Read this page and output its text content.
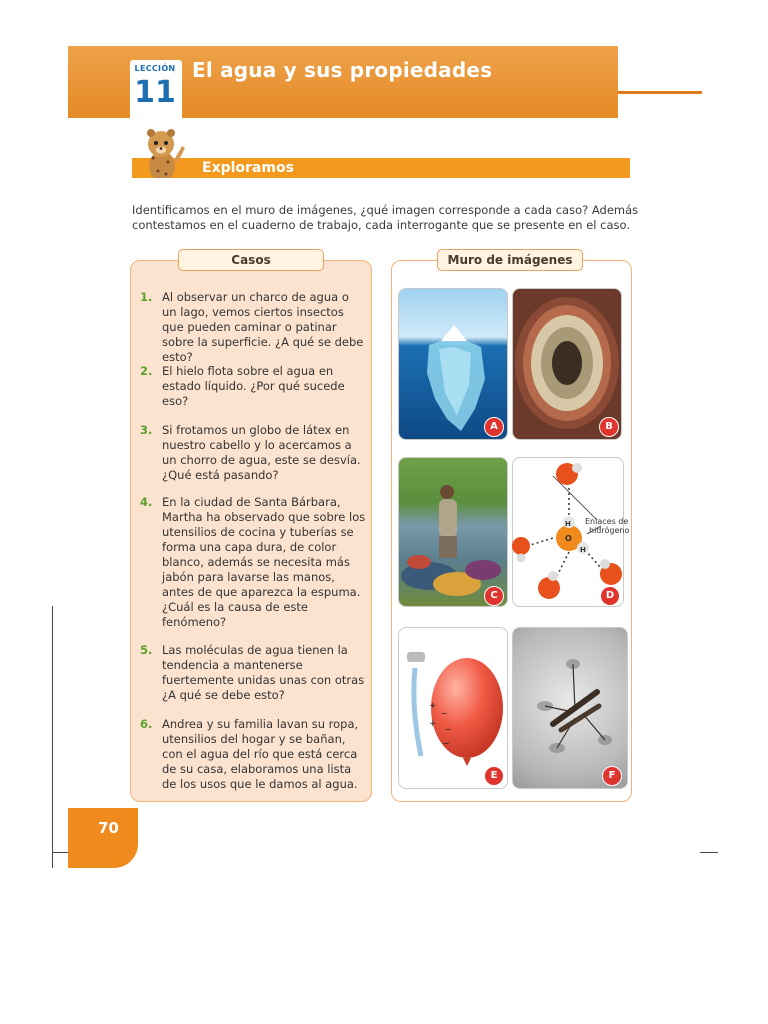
LECCIÓN
11
El agua y sus propiedades
Exploramos
Identificamos en el muro de imágenes, ¿qué imagen corresponde a cada caso? Además contestamos en el cuaderno de trabajo, cada interrogante que se presente en el caso.
Casos
1. Al observar un charco de agua o un lago, vemos ciertos insectos que pueden caminar o patinar sobre la superficie. ¿A qué se debe esto?
2. El hielo flota sobre el agua en estado líquido. ¿Por qué sucede eso?
3. Si frotamos un globo de látex en nuestro cabello y lo acercamos a un chorro de agua, este se desvía. ¿Qué está pasando?
4. En la ciudad de Santa Bárbara, Martha ha observado que sobre los utensilios de cocina y tuberías se forma una capa dura, de color blanco, además se necesita más jabón para lavarse las manos, antes de que aparezca la espuma. ¿Cuál es la causa de este fenómeno?
5. Las moléculas de agua tienen la tendencia a mantenerse fuertemente unidas unas con otras ¿A qué se debe esto?
6. Andrea y su familia lavan su ropa, utensilios del hogar y se bañan, con el agua del río que está cerca de su casa, elaboramos una lista de los usos que le damos al agua.
Muro de imágenes
A	B
C
H
O
H
Enlaces de
hidrógeno
D
+
+
‒
‒
‒
E	F
70
